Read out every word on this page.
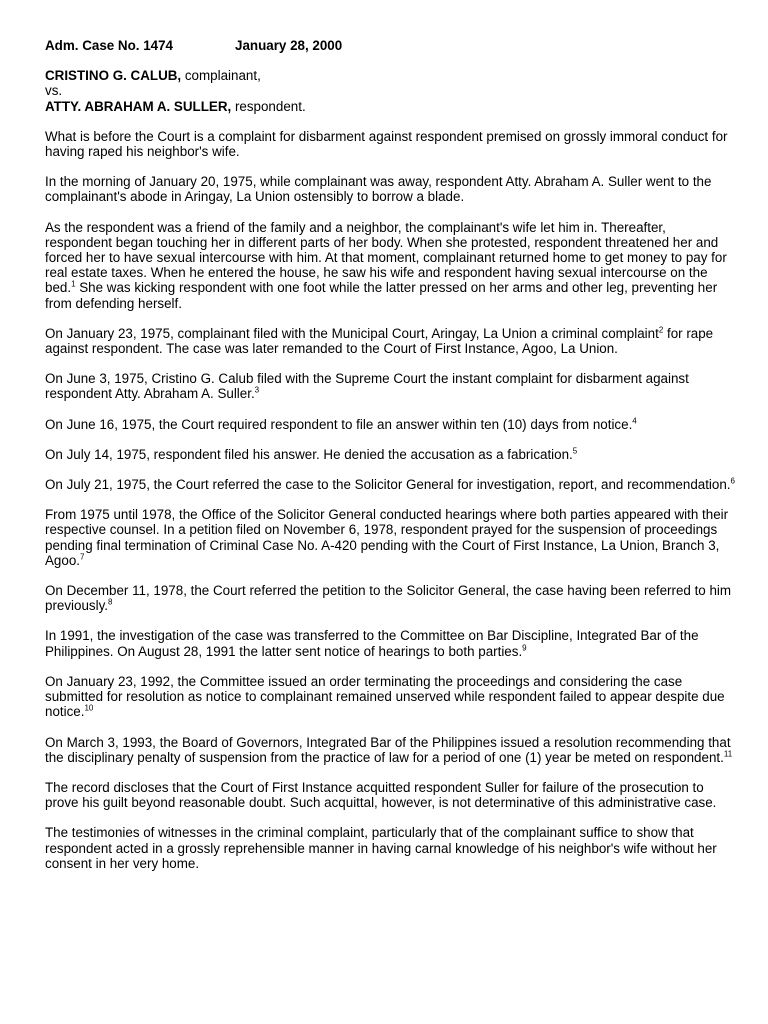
Adm. Case No. 1474	January 28, 2000
CRISTINO G. CALUB, complainant,
vs.
ATTY. ABRAHAM A. SULLER, respondent.

What is before the Court is a complaint for disbarment against respondent premised on grossly immoral conduct for having raped his neighbor's wife.

In the morning of January 20, 1975, while complainant was away, respondent Atty. Abraham A. Suller went to the complainant's abode in Aringay, La Union ostensibly to borrow a blade.

As the respondent was a friend of the family and a neighbor, the complainant's wife let him in. Thereafter, respondent began touching her in different parts of her body. When she protested, respondent threatened her and forced her to have sexual intercourse with him. At that moment, complainant returned home to get money to pay for real estate taxes. When he entered the house, he saw his wife and respondent having sexual intercourse on the bed.$^1$ She was kicking respondent with one foot while the latter pressed on her arms and other leg, preventing her from defending herself.

On January 23, 1975, complainant filed with the Municipal Court, Aringay, La Union a criminal complaint$^2$ for rape against respondent. The case was later remanded to the Court of First Instance, Agoo, La Union.

On June 3, 1975, Cristino G. Calub filed with the Supreme Court the instant complaint for disbarment against respondent Atty. Abraham A. Suller.$^3$

On June 16, 1975, the Court required respondent to file an answer within ten (10) days from notice.$^4$

On July 14, 1975, respondent filed his answer. He denied the accusation as a fabrication.$^5$

On July 21, 1975, the Court referred the case to the Solicitor General for investigation, report, and recommendation.$^6$

From 1975 until 1978, the Office of the Solicitor General conducted hearings where both parties appeared with their respective counsel. In a petition filed on November 6, 1978, respondent prayed for the suspension of proceedings pending final termination of Criminal Case No. A-420 pending with the Court of First Instance, La Union, Branch 3, Agoo.$^7$

On December 11, 1978, the Court referred the petition to the Solicitor General, the case having been referred to him previously.$^8$

In 1991, the investigation of the case was transferred to the Committee on Bar Discipline, Integrated Bar of the Philippines. On August 28, 1991 the latter sent notice of hearings to both parties.$^9$

On January 23, 1992, the Committee issued an order terminating the proceedings and considering the case submitted for resolution as notice to complainant remained unserved while respondent failed to appear despite due notice.$^{10}$

On March 3, 1993, the Board of Governors, Integrated Bar of the Philippines issued a resolution recommending that the disciplinary penalty of suspension from the practice of law for a period of one (1) year be meted on respondent.$^{11}$

The record discloses that the Court of First Instance acquitted respondent Suller for failure of the prosecution to prove his guilt beyond reasonable doubt. Such acquittal, however, is not determinative of this administrative case.

The testimonies of witnesses in the criminal complaint, particularly that of the complainant suffice to show that respondent acted in a grossly reprehensible manner in having carnal knowledge of his neighbor's wife without her consent in her very home.
